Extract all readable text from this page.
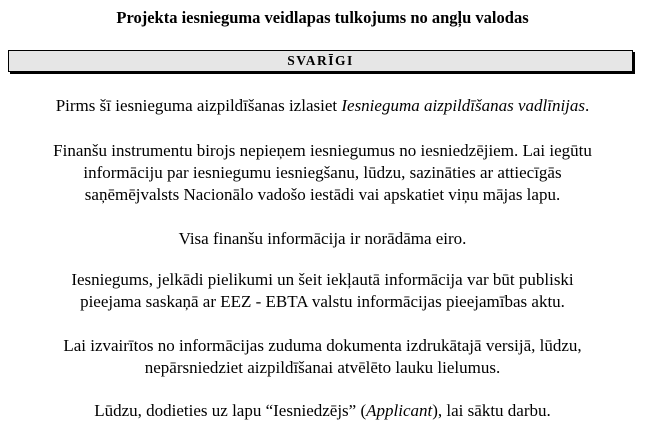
Projekta iesnieguma veidlapas tulkojums no angļu valodas
SVARĪGI
Pirms šī iesnieguma aizpildīšanas izlasiet Iesnieguma aizpildīšanas vadlīnijas.
Finanšu instrumentu birojs nepieņem iesniegumus no iesniedzējiem. Lai iegūtu
informāciju par iesniegumu iesniegšanu, lūdzu, sazināties ar attiecīgās
saņēmējvalsts Nacionālo vadošo iestādi vai apskatiet viņu mājas lapu.
Visa finanšu informācija ir norādāma eiro.
Iesniegums, jelkādi pielikumi un šeit iekļautā informācija var būt publiski
pieejama saskaņā ar EEZ - EBTA valstu informācijas pieejamības aktu.
Lai izvairītos no informācijas zuduma dokumenta izdrukātajā versijā, lūdzu,
nepārsniedziet aizpildīšanai atvēlēto lauku lielumus.
Lūdzu, dodieties uz lapu “Iesniedzējs” (Applicant), lai sāktu darbu.
